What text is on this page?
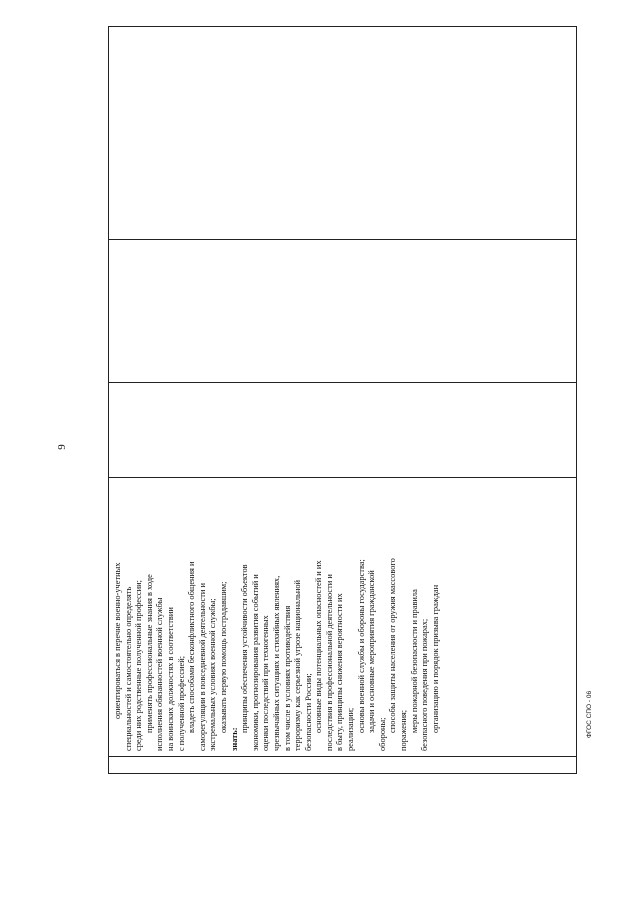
9

ориентироваться в перечне военно-учетных специальностей и самостоятельно определять среди них родственные полученной профессии; применять профессиональные знания в ходе исполнения обязанностей военной службы на воинских должностях в соответствии с полученной профессией; владеть способами бесконфликтного общения и саморегуляции в повседневной деятельности и экстремальных условиях военной службы; оказывать первую помощь пострадавшим;
знать:
принципы обеспечения устойчивости объектов экономики, прогнозирования развития событий и оценки последствий при техногенных чрезвычайных ситуациях и стихийных явлениях, в том числе в условиях противодействия терроризму как серьезной угрозе национальной безопасности России; основные виды потенциальных опасностей и их последствия в профессиональной деятельности и в быту, принципы снижения вероятности их реализации; основы военной службы и обороны государства; задачи и основные мероприятия гражданской
обороны;
способы защиты населения от оружия массового поражения; меры пожарной безопасности и правила безопасного поведения при пожарах; организацию и порядок призыва граждан
				ФГОС СПО - 06
